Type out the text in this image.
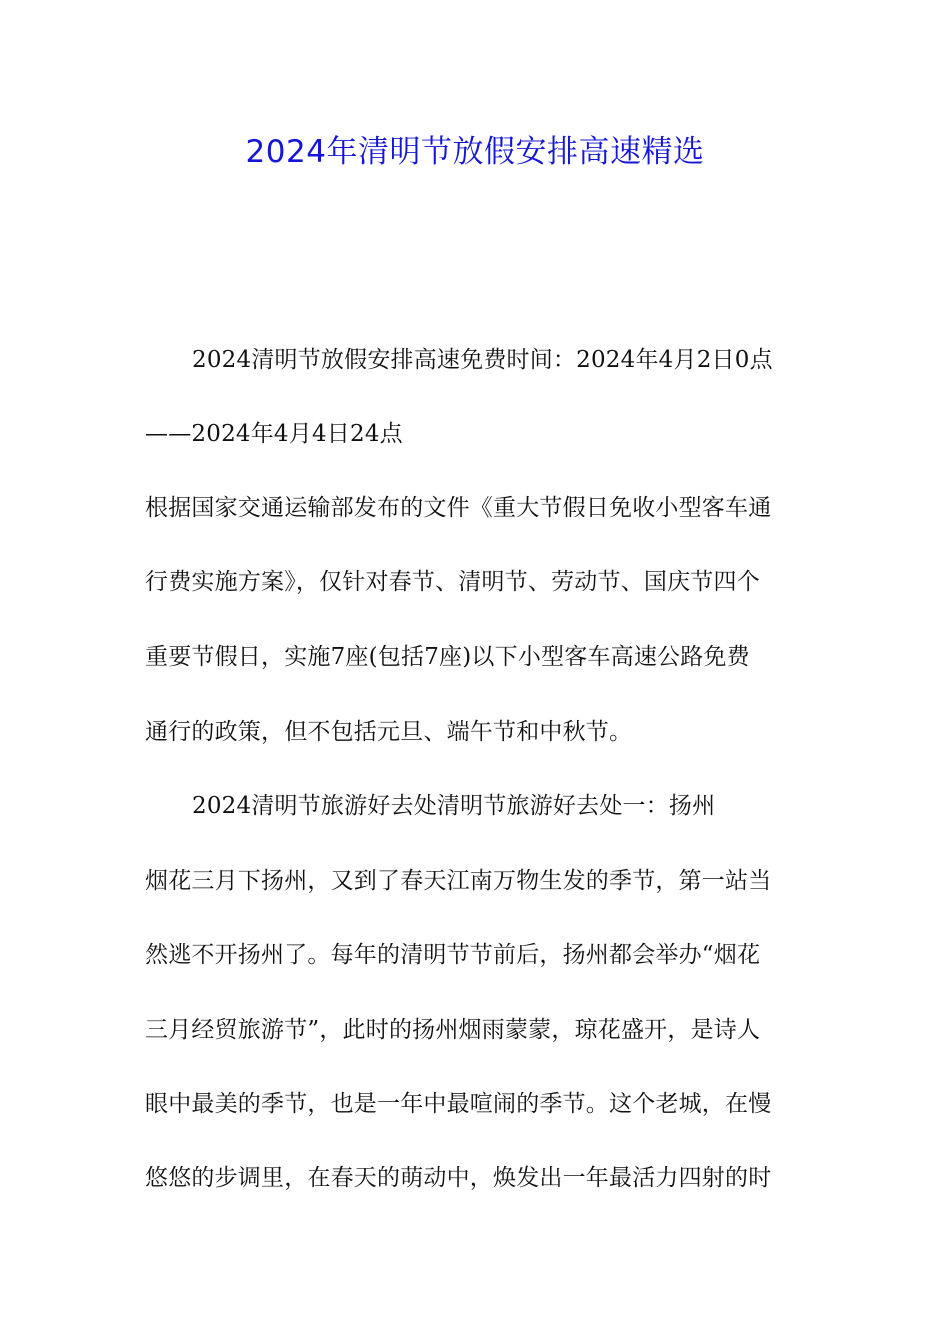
2024年清明节放假安排高速精选
2024清明节放假安排高速免费时间：2024年4月2日0点
——2024年4月4日24点
根据国家交通运输部发布的文件《重大节假日免收小型客车通
行费实施方案》，仅针对春节、清明节、劳动节、国庆节四个
重要节假日，实施7座(包括7座)以下小型客车高速公路免费
通行的政策，但不包括元旦、端午节和中秋节。
2024清明节旅游好去处清明节旅游好去处一：扬州
烟花三月下扬州，又到了春天江南万物生发的季节，第一站当
然逃不开扬州了。每年的清明节节前后，扬州都会举办“烟花
三月经贸旅游节”，此时的扬州烟雨蒙蒙，琼花盛开，是诗人
眼中最美的季节，也是一年中最喧闹的季节。这个老城，在慢
悠悠的步调里，在春天的萌动中，焕发出一年最活力四射的时
